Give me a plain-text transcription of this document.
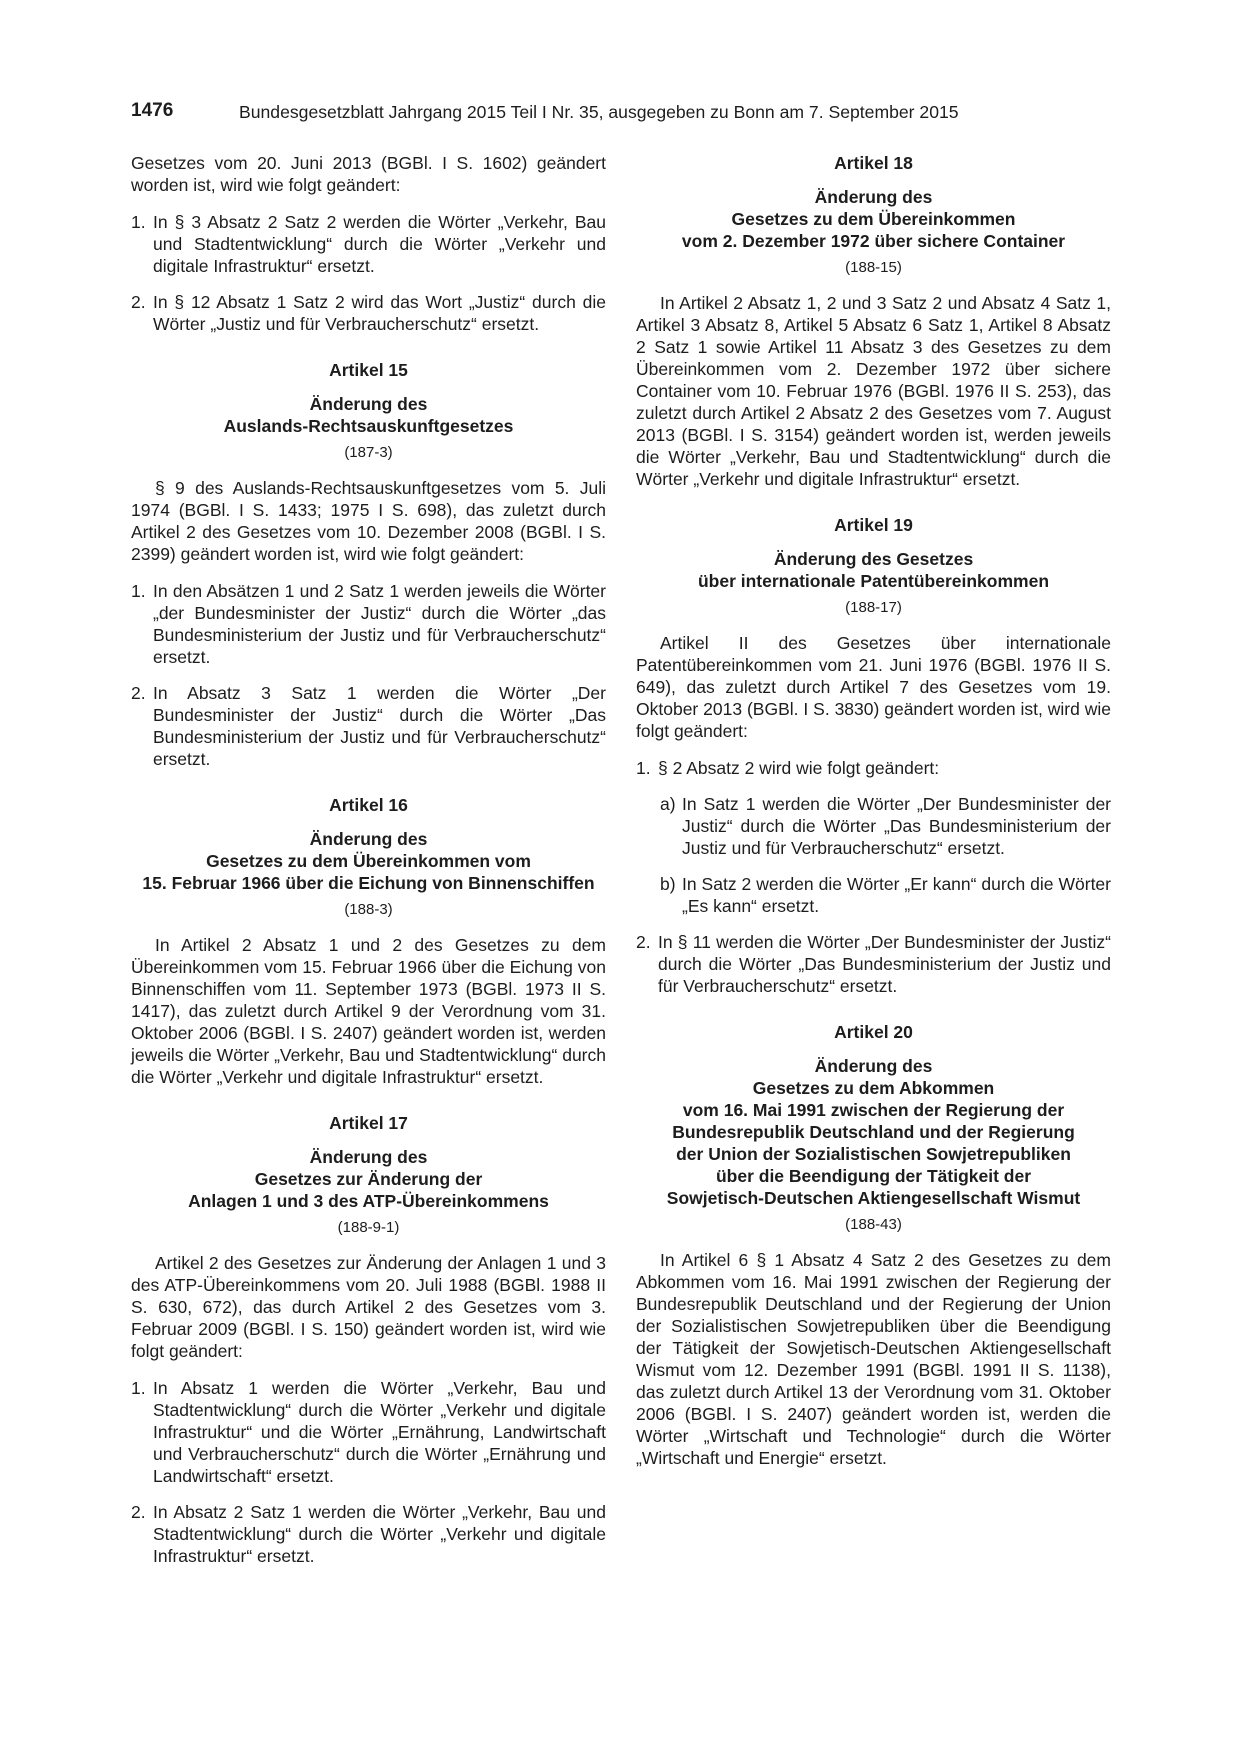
1476	Bundesgesetzblatt Jahrgang 2015 Teil I Nr. 35, ausgegeben zu Bonn am 7. September 2015

Gesetzes vom 20. Juni 2013 (BGBl. I S. 1602) geändert worden ist, wird wie folgt geändert:

1. In § 3 Absatz 2 Satz 2 werden die Wörter „Verkehr, Bau und Stadtentwicklung“ durch die Wörter „Verkehr und digitale Infrastruktur“ ersetzt.
2. In § 12 Absatz 1 Satz 2 wird das Wort „Justiz“ durch die Wörter „Justiz und für Verbraucherschutz“ ersetzt.
Artikel 15
Änderung des
Auslands-Rechtsauskunftgesetzes
(187-3)

§ 9 des Auslands-Rechtsauskunftgesetzes vom 5. Juli 1974 (BGBl. I S. 1433; 1975 I S. 698), das zuletzt durch Artikel 2 des Gesetzes vom 10. Dezember 2008 (BGBl. I S. 2399) geändert worden ist, wird wie folgt geändert:

1. In den Absätzen 1 und 2 Satz 1 werden jeweils die Wörter „der Bundesminister der Justiz“ durch die Wörter „das Bundesministerium der Justiz und für Verbraucherschutz“ ersetzt.
2. In Absatz 3 Satz 1 werden die Wörter „Der Bundesminister der Justiz“ durch die Wörter „Das Bundesministerium der Justiz und für Verbraucherschutz“ ersetzt.
Artikel 16
Änderung des
Gesetzes zu dem Übereinkommen vom
15. Februar 1966 über die Eichung von Binnenschiffen
(188-3)

In Artikel 2 Absatz 1 und 2 des Gesetzes zu dem Übereinkommen vom 15. Februar 1966 über die Eichung von Binnenschiffen vom 11. September 1973 (BGBl. 1973 II S. 1417), das zuletzt durch Artikel 9 der Verordnung vom 31. Oktober 2006 (BGBl. I S. 2407) geändert worden ist, werden jeweils die Wörter „Verkehr, Bau und Stadtentwicklung“ durch die Wörter „Verkehr und digitale Infrastruktur“ ersetzt.

Artikel 17
Änderung des
Gesetzes zur Änderung der
Anlagen 1 und 3 des ATP-Übereinkommens
(188-9-1)

Artikel 2 des Gesetzes zur Änderung der Anlagen 1 und 3 des ATP-Übereinkommens vom 20. Juli 1988 (BGBl. 1988 II S. 630, 672), das durch Artikel 2 des Gesetzes vom 3. Februar 2009 (BGBl. I S. 150) geändert worden ist, wird wie folgt geändert:

1. In Absatz 1 werden die Wörter „Verkehr, Bau und Stadtentwicklung“ durch die Wörter „Verkehr und digitale Infrastruktur“ und die Wörter „Ernährung, Landwirtschaft und Verbraucherschutz“ durch die Wörter „Ernährung und Landwirtschaft“ ersetzt.
2. In Absatz 2 Satz 1 werden die Wörter „Verkehr, Bau und Stadtentwicklung“ durch die Wörter „Verkehr und digitale Infrastruktur“ ersetzt.
Artikel 18
Änderung des
Gesetzes zu dem Übereinkommen
vom 2. Dezember 1972 über sichere Container
(188-15)

In Artikel 2 Absatz 1, 2 und 3 Satz 2 und Absatz 4 Satz 1, Artikel 3 Absatz 8, Artikel 5 Absatz 6 Satz 1, Artikel 8 Absatz 2 Satz 1 sowie Artikel 11 Absatz 3 des Gesetzes zu dem Übereinkommen vom 2. Dezember 1972 über sichere Container vom 10. Februar 1976 (BGBl. 1976 II S. 253), das zuletzt durch Artikel 2 Absatz 2 des Gesetzes vom 7. August 2013 (BGBl. I S. 3154) geändert worden ist, werden jeweils die Wörter „Verkehr, Bau und Stadtentwicklung“ durch die Wörter „Verkehr und digitale Infrastruktur“ ersetzt.

Artikel 19
Änderung des Gesetzes
über internationale Patentübereinkommen
(188-17)

Artikel II des Gesetzes über internationale Patentübereinkommen vom 21. Juni 1976 (BGBl. 1976 II S. 649), das zuletzt durch Artikel 7 des Gesetzes vom 19. Oktober 2013 (BGBl. I S. 3830) geändert worden ist, wird wie folgt geändert:

1. § 2 Absatz 2 wird wie folgt geändert:
a) In Satz 1 werden die Wörter „Der Bundesminister der Justiz“ durch die Wörter „Das Bundesministerium der Justiz und für Verbraucherschutz“ ersetzt.
b) In Satz 2 werden die Wörter „Er kann“ durch die Wörter „Es kann“ ersetzt.
2. In § 11 werden die Wörter „Der Bundesminister der Justiz“ durch die Wörter „Das Bundesministerium der Justiz und für Verbraucherschutz“ ersetzt.
Artikel 20
Änderung des
Gesetzes zu dem Abkommen
vom 16. Mai 1991 zwischen der Regierung der
Bundesrepublik Deutschland und der Regierung
der Union der Sozialistischen Sowjetrepubliken
über die Beendigung der Tätigkeit der
Sowjetisch-Deutschen Aktiengesellschaft Wismut
(188-43)

In Artikel 6 § 1 Absatz 4 Satz 2 des Gesetzes zu dem Abkommen vom 16. Mai 1991 zwischen der Regierung der Bundesrepublik Deutschland und der Regierung der Union der Sozialistischen Sowjetrepubliken über die Beendigung der Tätigkeit der Sowjetisch-Deutschen Aktiengesellschaft Wismut vom 12. Dezember 1991 (BGBl. 1991 II S. 1138), das zuletzt durch Artikel 13 der Verordnung vom 31. Oktober 2006 (BGBl. I S. 2407) geändert worden ist, werden die Wörter „Wirtschaft und Technologie“ durch die Wörter „Wirtschaft und Energie“ ersetzt.
